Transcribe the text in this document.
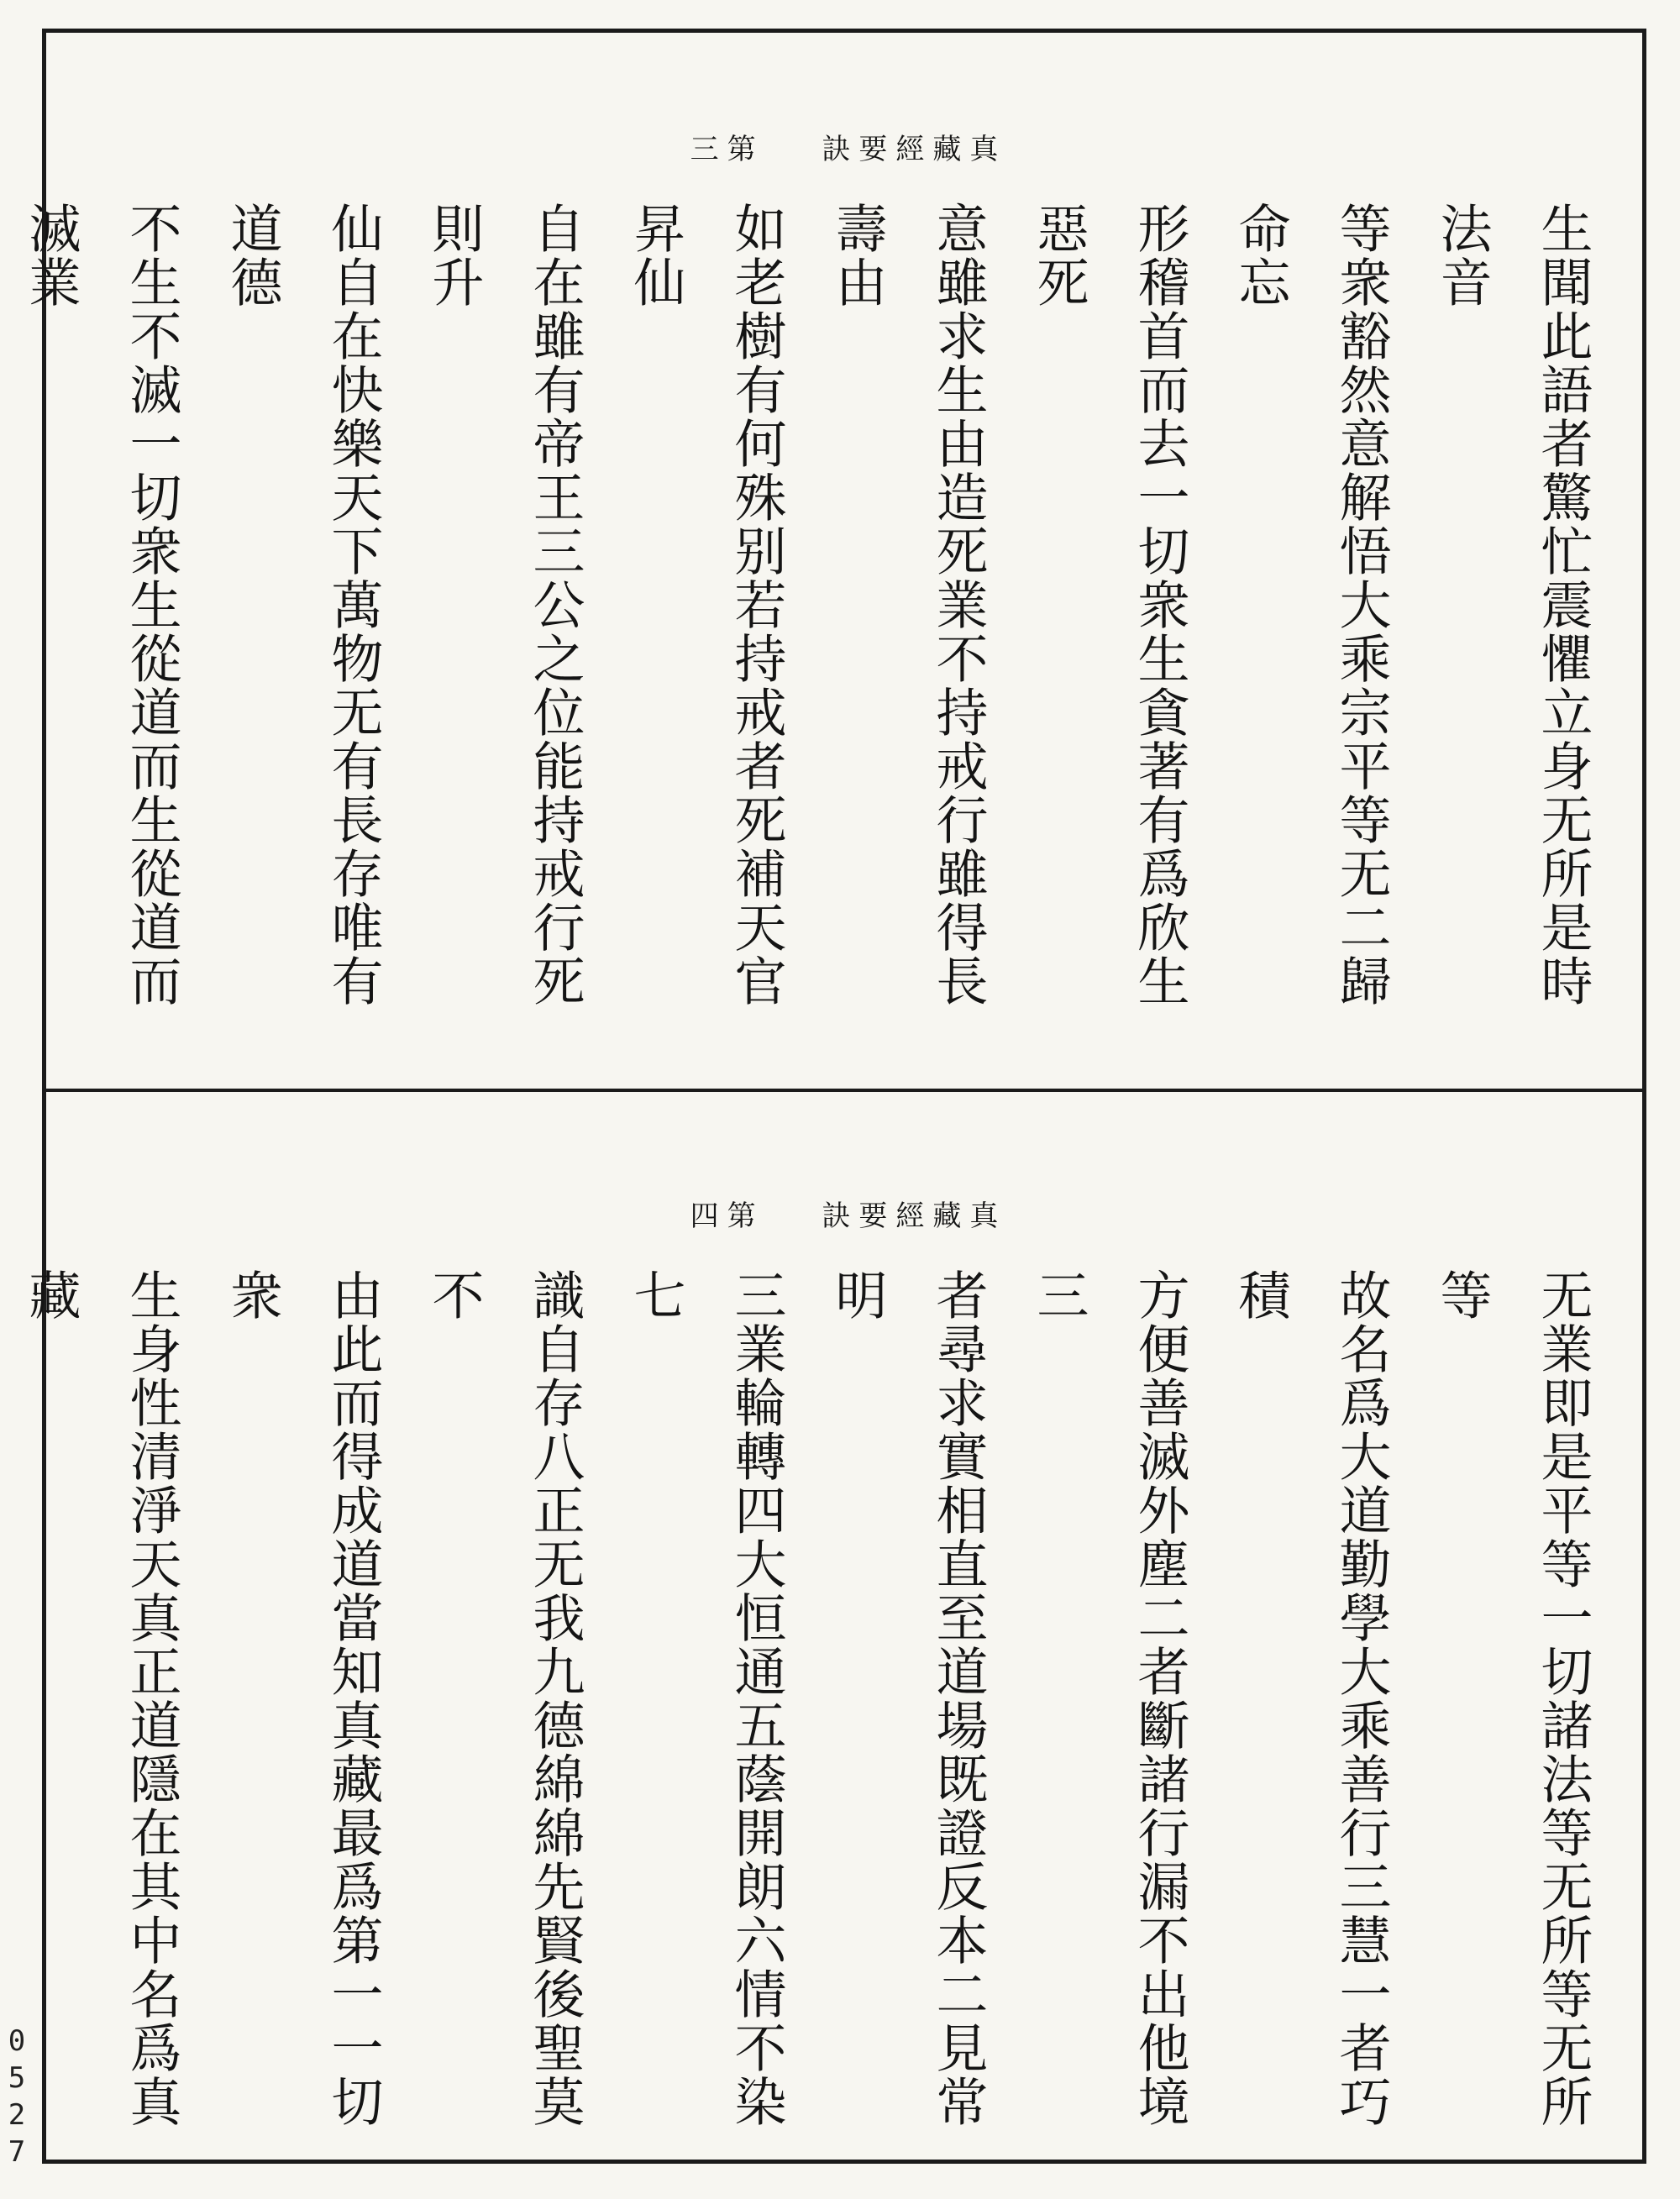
真藏經要訣 第三
生聞此語者驚忙震懼立身无所是時法音
等衆豁然意解悟大乘宗平等无二歸命忘
形稽首而去一切衆生貪著有爲欣生惡死
意雖求生由造死業不持戒行雖得長壽由
如老樹有何殊别若持戒者死補天官昇仙
自在雖有帝王三公之位能持戒行死則升
仙自在快樂天下萬物无有長存唯有道德
不生不滅一切衆生從道而生從道而滅業
真藏經要訣 第四
无業即是平等一切諸法等无所等无所等
故名爲大道勤學大乘善行三慧一者巧積
方便善滅外塵二者斷諸行漏不出他境三
者尋求實相直至道場既證反本二見常明
三業輪轉四大恒通五蔭開朗六情不染七
識自存八正无我九德綿綿先賢後聖莫不
由此而得成道當知真藏最爲第一一切衆
生身性清淨天真正道隱在其中名爲真藏
0527
